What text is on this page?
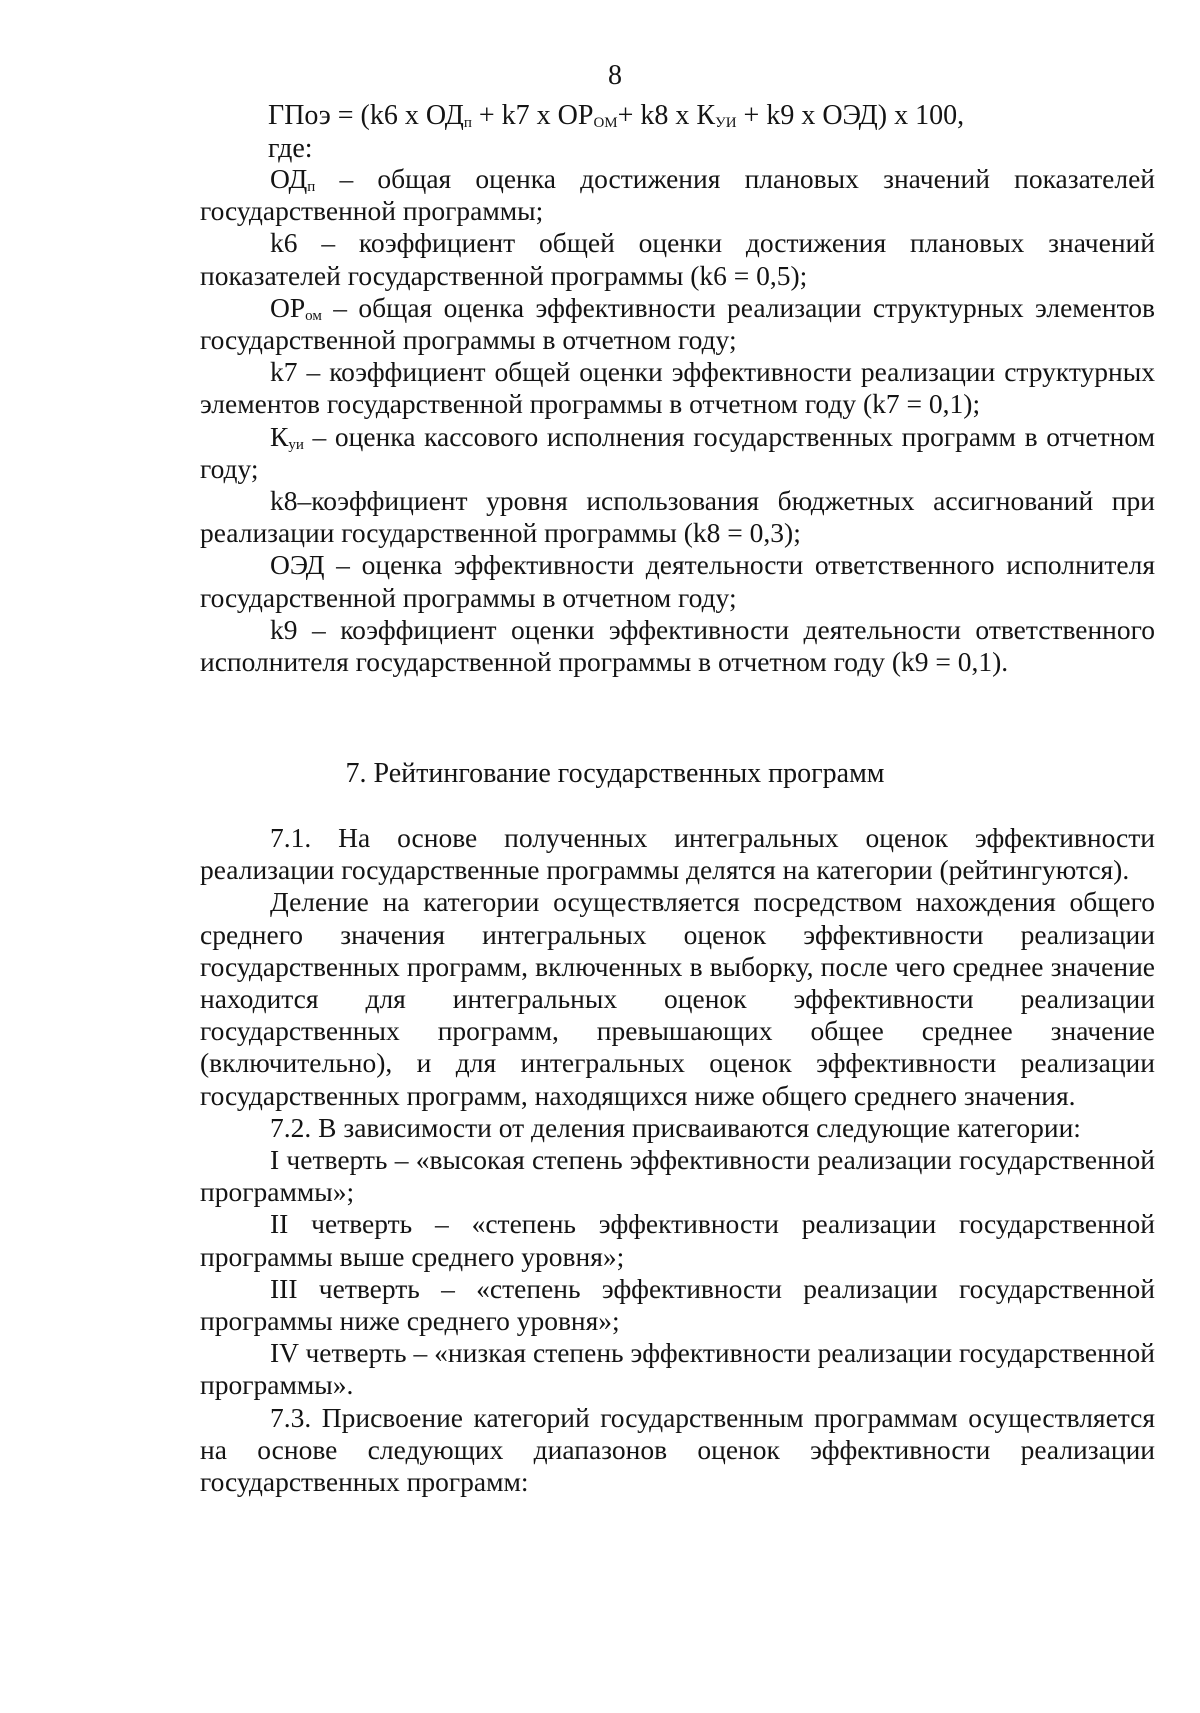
8
ГПоэ = (k6 x $ОД_п + k7$ x $ОР_{ОМ}+ k8$ x $К_{УИ} + k9$ x ОЭД) x 100,
где:

$ОД_п$ – общая оценка достижения плановых значений показателей государственной программы;

k6 – коэффициент общей оценки достижения плановых значений показателей государственной программы (k6 = 0,5);

$ОР_{ом}$ – общая оценка эффективности реализации структурных элементов государственной программы в отчетном году;

k7 – коэффициент общей оценки эффективности реализации структурных элементов государственной программы в отчетном году (k7 = 0,1);

$К_{уи}$ – оценка кассового исполнения государственных программ в отчетном году;

k8–коэффициент уровня использования бюджетных ассигнований при реализации государственной программы (k8 = 0,3);

ОЭД – оценка эффективности деятельности ответственного исполнителя государственной программы в отчетном году;

k9 – коэффициент оценки эффективности деятельности ответственного исполнителя государственной программы в отчетном году (k9 = 0,1).

7. Рейтингование государственных программ

7.1. На основе полученных интегральных оценок эффективности реализации государственные программы делятся на категории (рейтингуются).

Деление на категории осуществляется посредством нахождения общего среднего значения интегральных оценок эффективности реализации государственных программ, включенных в выборку, после чего среднее значение находится для интегральных оценок эффективности реализации государственных программ, превышающих общее среднее значение (включительно), и для интегральных оценок эффективности реализации государственных программ, находящихся ниже общего среднего значения.

7.2. В зависимости от деления присваиваются следующие категории:

I четверть – «высокая степень эффективности реализации государственной программы»;

II четверть – «степень эффективности реализации государственной программы выше среднего уровня»;

III четверть – «степень эффективности реализации государственной программы ниже среднего уровня»;

IV четверть – «низкая степень эффективности реализации государственной программы».

7.3. Присвоение категорий государственным программам осуществляется на основе следующих диапазонов оценок эффективности реализации государственных программ:
